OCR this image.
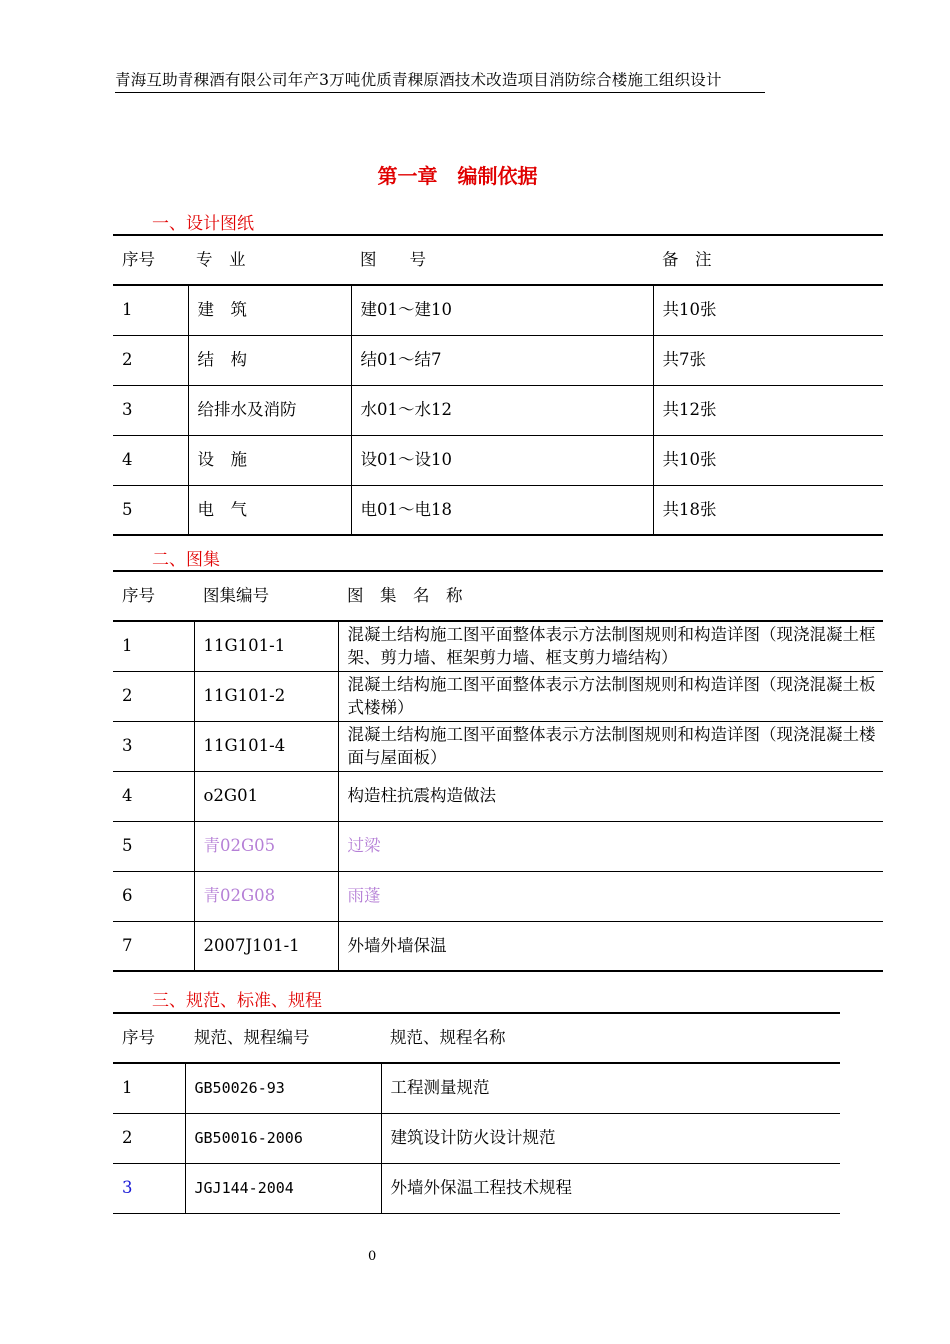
青海互助青稞酒有限公司年产3万吨优质青稞原酒技术改造项目消防综合楼施工组织设计
第一章　编制依据
一、设计图纸
序号	专　业	图　　号	备　注
1	建　筑	建01～建10	共10张
2	结　构	结01～结7	共7张
3	给排水及消防	水01～水12	共12张
4	设　施	设01～设10	共10张
5	电　气	电01～电18	共18张
二、图集
序号	图集编号	图　集　名　称
1	11G101-1	混凝土结构施工图平面整体表示方法制图规则和构造详图（现浇混凝土框架、剪力墙、框架剪力墙、框支剪力墙结构）
2	11G101-2	混凝土结构施工图平面整体表示方法制图规则和构造详图（现浇混凝土板式楼梯）
3	11G101-4	混凝土结构施工图平面整体表示方法制图规则和构造详图（现浇混凝土楼面与屋面板）
4	o2G01	构造柱抗震构造做法
5	青02G05	过梁
6	青02G08	雨蓬
7	2007J101-1	外墙外墙保温
三、规范、标准、规程
序号	规范、规程编号	规范、规程名称
1	GB50026-93	工程测量规范
2	GB50016-2006	建筑设计防火设计规范
3	JGJ144-2004	外墙外保温工程技术规程
0
